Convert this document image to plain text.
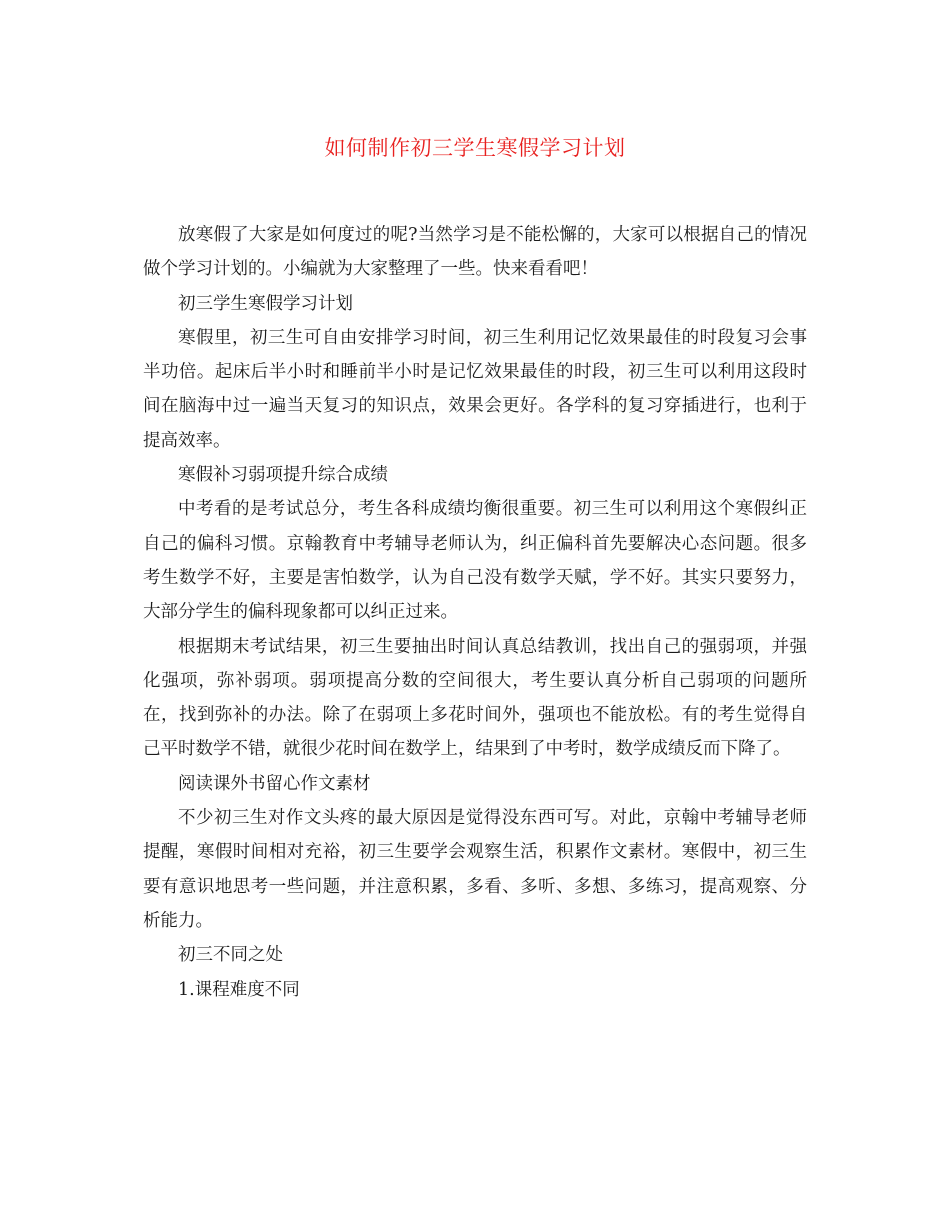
如何制作初三学生寒假学习计划

放寒假了大家是如何度过的呢?当然学习是不能松懈的，大家可以根据自己的情况做个学习计划的。小编就为大家整理了一些。快来看看吧！

初三学生寒假学习计划

寒假里，初三生可自由安排学习时间，初三生利用记忆效果最佳的时段复习会事半功倍。起床后半小时和睡前半小时是记忆效果最佳的时段，初三生可以利用这段时间在脑海中过一遍当天复习的知识点，效果会更好。各学科的复习穿插进行，也利于提高效率。

寒假补习弱项提升综合成绩

中考看的是考试总分，考生各科成绩均衡很重要。初三生可以利用这个寒假纠正自己的偏科习惯。京翰教育中考辅导老师认为，纠正偏科首先要解决心态问题。很多考生数学不好，主要是害怕数学，认为自己没有数学天赋，学不好。其实只要努力，大部分学生的偏科现象都可以纠正过来。

根据期末考试结果，初三生要抽出时间认真总结教训，找出自己的强弱项，并强化强项，弥补弱项。弱项提高分数的空间很大，考生要认真分析自己弱项的问题所在，找到弥补的办法。除了在弱项上多花时间外，强项也不能放松。有的考生觉得自己平时数学不错，就很少花时间在数学上，结果到了中考时，数学成绩反而下降了。

阅读课外书留心作文素材

不少初三生对作文头疼的最大原因是觉得没东西可写。对此，京翰中考辅导老师提醒，寒假时间相对充裕，初三生要学会观察生活，积累作文素材。寒假中，初三生要有意识地思考一些问题，并注意积累，多看、多听、多想、多练习，提高观察、分析能力。

初三不同之处

1.课程难度不同
